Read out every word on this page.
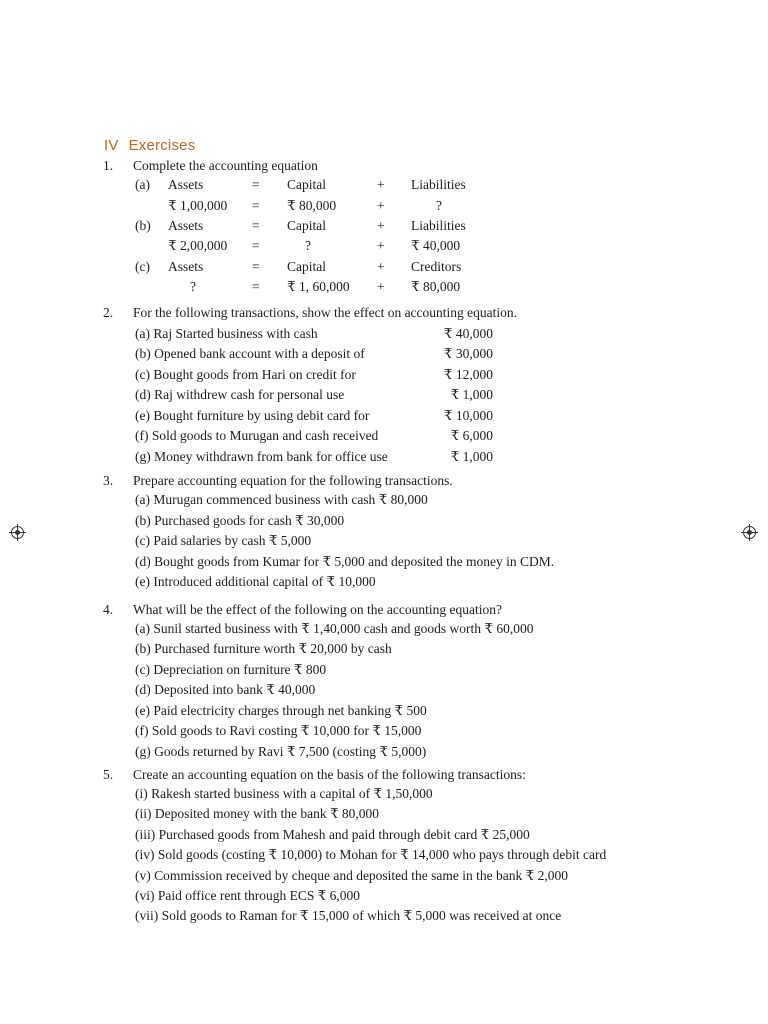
IV Exercises
1. Complete the accounting equation
(a) Assets	= Capital	+ Liabilities
₹ 1,00,000 = ₹ 80,000	+	?
(b) Assets	= Capital	+ Liabilities
₹ 2,00,000 =	?	+ ₹ 40,000
(c) Assets	= Capital	+ Creditors
?	= ₹ 1, 60,000 + ₹ 80,000
2. For the following transactions, show the effect on accounting equation.
(a) Raj Started business with cash	₹ 40,000
(b) Opened bank account with a deposit of	₹ 30,000
(c) Bought goods from Hari on credit for	₹ 12,000
(d) Raj withdrew cash for personal use	₹ 1,000
(e) Bought furniture by using debit card for	₹ 10,000
(f) Sold goods to Murugan and cash received	₹ 6,000
(g) Money withdrawn from bank for office use	₹ 1,000
3. Prepare accounting equation for the following transactions.
(a) Murugan commenced business with cash ₹ 80,000
(b) Purchased goods for cash ₹ 30,000
(c) Paid salaries by cash ₹ 5,000
(d) Bought goods from Kumar for ₹ 5,000 and deposited the money in CDM.
(e) Introduced additional capital of ₹ 10,000
4. What will be the effect of the following on the accounting equation?
(a) Sunil started business with ₹ 1,40,000 cash and goods worth ₹ 60,000
(b) Purchased furniture worth ₹ 20,000 by cash
(c) Depreciation on furniture ₹ 800
(d) Deposited into bank ₹ 40,000
(e) Paid electricity charges through net banking ₹ 500
(f) Sold goods to Ravi costing ₹ 10,000 for ₹ 15,000
(g) Goods returned by Ravi ₹ 7,500 (costing ₹ 5,000)
5. Create an accounting equation on the basis of the following transactions:
(i) Rakesh started business with a capital of ₹ 1,50,000
(ii) Deposited money with the bank ₹ 80,000
(iii) Purchased goods from Mahesh and paid through debit card ₹ 25,000
(iv) Sold goods (costing ₹ 10,000) to Mohan for ₹ 14,000 who pays through debit card
(v) Commission received by cheque and deposited the same in the bank ₹ 2,000
(vi) Paid office rent through ECS ₹ 6,000
(vii) Sold goods to Raman for ₹ 15,000 of which ₹ 5,000 was received at once
